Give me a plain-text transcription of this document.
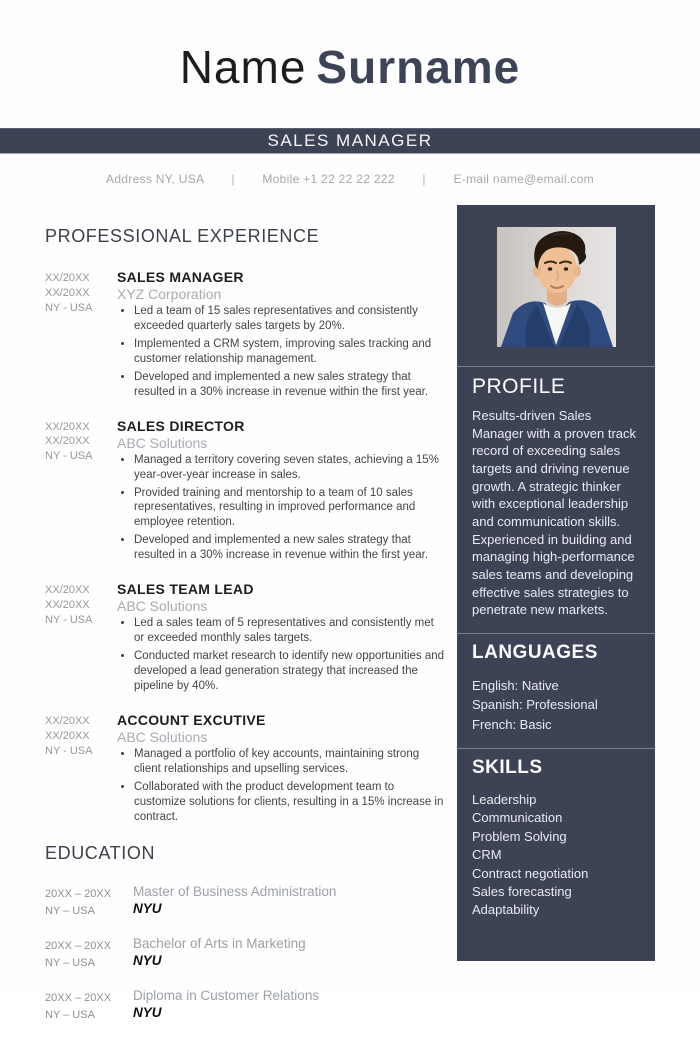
Name Surname
SALES MANAGER
Address NY, USA | Mobile +1 22 22 22 222 | E-mail name@email.com
PROFESSIONAL EXPERIENCE
XX/20XX
XX/20XX
NY - USA
SALES MANAGER
XYZ Corporation
• Led a team of 15 sales representatives and consistently exceeded quarterly sales targets by 20%.
• Implemented a CRM system, improving sales tracking and customer relationship management.
• Developed and implemented a new sales strategy that resulted in a 30% increase in revenue within the first year.
XX/20XX
XX/20XX
NY - USA
SALES DIRECTOR
ABC Solutions
• Managed a territory covering seven states, achieving a 15% year-over-year increase in sales.
• Provided training and mentorship to a team of 10 sales representatives, resulting in improved performance and employee retention.
• Developed and implemented a new sales strategy that resulted in a 30% increase in revenue within the first year.
XX/20XX
XX/20XX
NY - USA
SALES TEAM LEAD
ABC Solutions
• Led a sales team of 5 representatives and consistently met or exceeded monthly sales targets.
• Conducted market research to identify new opportunities and developed a lead generation strategy that increased the pipeline by 40%.
XX/20XX
XX/20XX
NY - USA
ACCOUNT EXCUTIVE
ABC Solutions
• Managed a portfolio of key accounts, maintaining strong client relationships and upselling services.
• Collaborated with the product development team to customize solutions for clients, resulting in a 15% increase in contract.
EDUCATION
20XX – 20XX
NY – USA
Master of Business Administration
NYU
20XX – 20XX
NY – USA
Bachelor of Arts in Marketing
NYU
20XX – 20XX
NY – USA
Diploma in Customer Relations
NYU
PROFILE
Results-driven Sales Manager with a proven track record of exceeding sales targets and driving revenue growth. A strategic thinker with exceptional leadership and communication skills. Experienced in building and managing high-performance sales teams and developing effective sales strategies to penetrate new markets.
LANGUAGES
English: Native
Spanish: Professional
French: Basic
SKILLS
Leadership
Communication
Problem Solving
CRM
Contract negotiation
Sales forecasting
Adaptability
